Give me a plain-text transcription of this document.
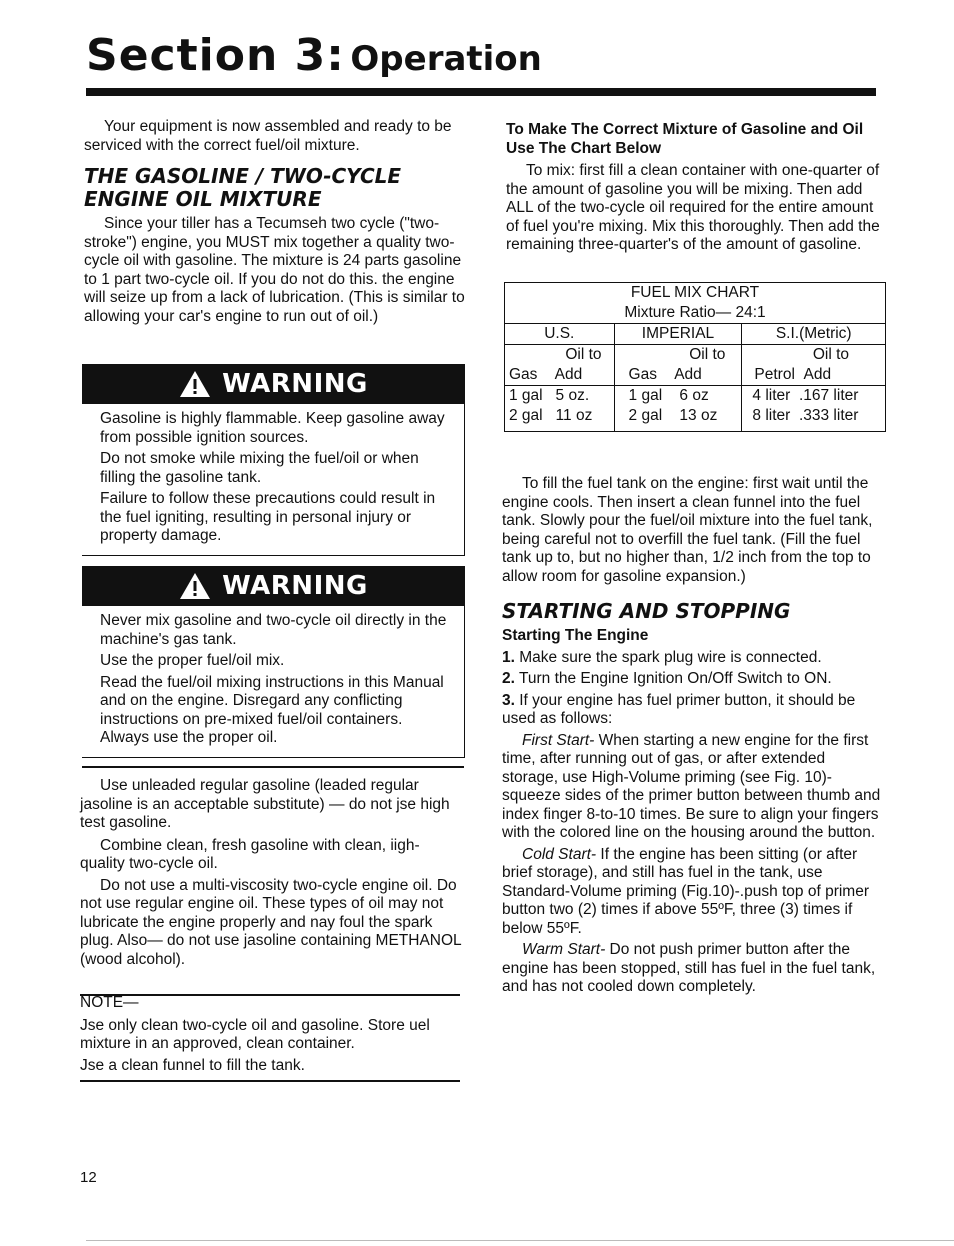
Section 3: Operation

Your equipment is now assembled and ready to be serviced with the correct fuel/oil mixture.

THE GASOLINE / TWO-CYCLE ENGINE OIL MIXTURE

Since your tiller has a Tecumseh two cycle ("two-stroke") engine, you MUST mix together a quality two-cycle oil with gasoline. The mixture is 24 parts gasoline to 1 part two-cycle oil. If you do not do this. the engine will seize up from a lack of lubrication. (This is similar to allowing your car's engine to run out of oil.)

WARNING

Gasoline is highly flammable. Keep gasoline away from possible ignition sources.

Do not smoke while mixing the fuel/oil or when filling the gasoline tank.

Failure to follow these precautions could result in the fuel igniting, resulting in personal injury or property damage.

WARNING

Never mix gasoline and two-cycle oil directly in the machine's gas tank.

Use the proper fuel/oil mix.

Read the fuel/oil mixing instructions in this Manual and on the engine. Disregard any conflicting instructions on pre-mixed fuel/oil containers. Always use the proper oil.

Use unleaded regular gasoline (leaded regular jasoline is an acceptable substitute) — do not jse high test gasoline.

Combine clean, fresh gasoline with clean, iigh-quality two-cycle oil.

Do not use a multi-viscosity two-cycle engine oil. Do not use regular engine oil. These types of oil may not lubricate the engine properly and nay foul the spark plug. Also— do not use jasoline containing METHANOL (wood alcohol).

NOTE—

Jse only clean two-cycle oil and gasoline. Store uel mixture in an approved, clean container.

Jse a clean funnel to fill the tank.

To Make The Correct Mixture of Gasoline and Oil Use The Chart Below

To mix: first fill a clean container with one-quarter of the amount of gasoline you will be mixing. Then add ALL of the two-cycle oil required for the entire amount of fuel you're mixing. Mix this thoroughly. Then add the remaining three-quarter's of the amount of gasoline.

FUEL MIX CHART		
Mixture Ratio— 24:1		
U.S.	IMPERIAL	S.I.(Metric)
Oil to	Oil to	Oil to
Gas Add	Gas Add	Petrol Add
1 gal 5 oz.	1 gal 6 oz	4 liter .167 liter
2 gal 11 oz	2 gal 13 oz	8 liter .333 liter

To fill the fuel tank on the engine: first wait until the engine cools. Then insert a clean funnel into the fuel tank. Slowly pour the fuel/oil mixture into the fuel tank, being careful not to overfill the fuel tank. (Fill the fuel tank up to, but no higher than, 1/2 inch from the top to allow room for gasoline expansion.)

STARTING AND STOPPING
Starting The Engine

1. Make sure the spark plug wire is connected.

2. Turn the Engine Ignition On/Off Switch to ON.

3. If your engine has fuel primer button, it should be used as follows:

First Start- When starting a new engine for the first time, after running out of gas, or after extended storage, use High-Volume priming (see Fig. 10)- squeeze sides of the primer button between thumb and index finger 8-to-10 times. Be sure to align your fingers with the colored line on the housing around the button.

Cold Start- If the engine has been sitting (or after brief storage), and still has fuel in the tank, use Standard-Volume priming (Fig.10)-.push top of primer button two (2) times if above 55ºF, three (3) times if below 55ºF.

Warm Start- Do not push primer button after the engine has been stopped, still has fuel in the fuel tank, and has not cooled down completely.

12
